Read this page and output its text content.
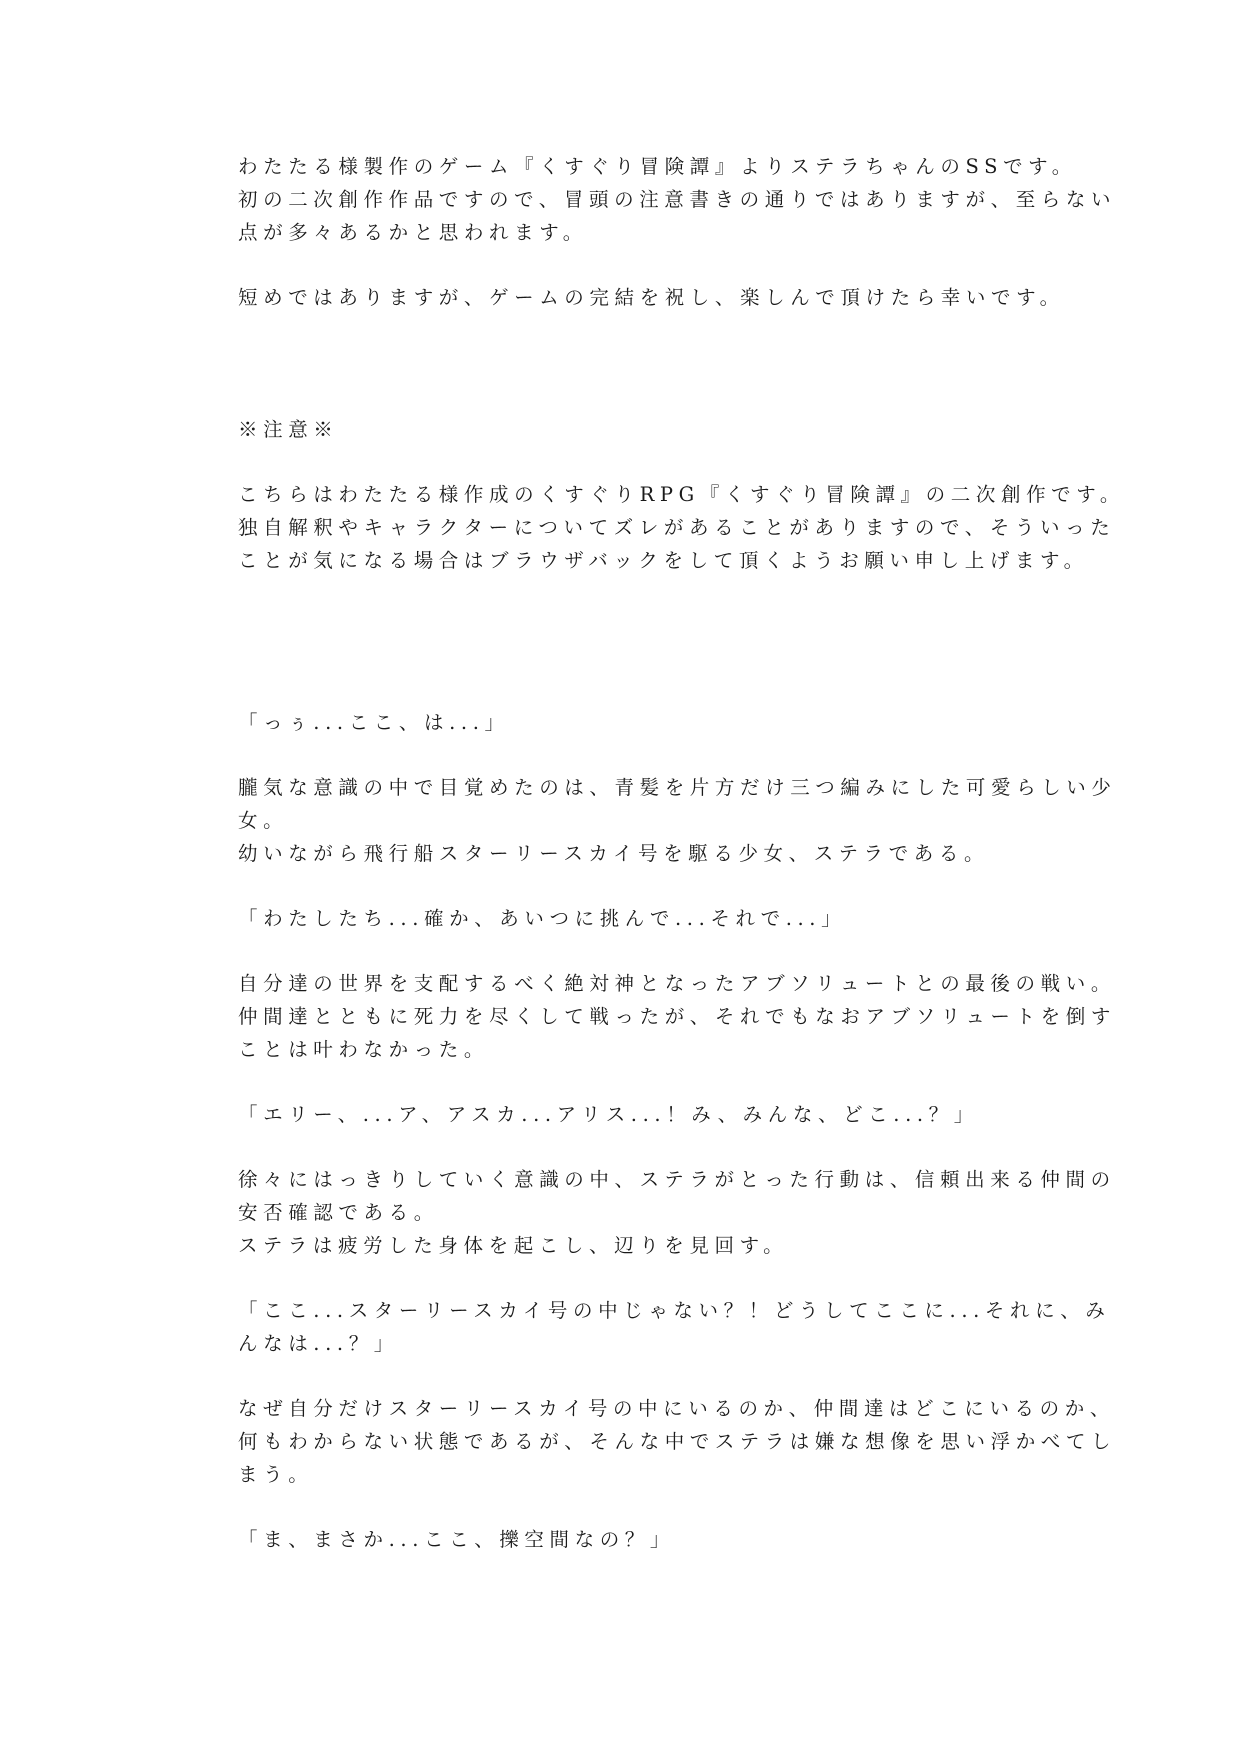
わたたる様製作のゲーム『くすぐり冒険譚』よりステラちゃんのSSです。
初の二次創作作品ですので、冒頭の注意書きの通りではありますが、至らない
点が多々あるかと思われます。
短めではありますが、ゲームの完結を祝し、楽しんで頂けたら幸いです。
※注意※
こちらはわたたる様作成のくすぐりRPG『くすぐり冒険譚』の二次創作です。
独自解釈やキャラクターについてズレがあることがありますので、そういった
ことが気になる場合はブラウザバックをして頂くようお願い申し上げます。
「っぅ...ここ、は...」
朧気な意識の中で目覚めたのは、青髪を片方だけ三つ編みにした可愛らしい少
女。
幼いながら飛行船スターリースカイ号を駆る少女、ステラである。
「わたしたち...確か、あいつに挑んで...それで...」
自分達の世界を支配するべく絶対神となったアブソリュートとの最後の戦い。
仲間達とともに死力を尽くして戦ったが、それでもなおアブソリュートを倒す
ことは叶わなかった。
「エリー、...ア、アスカ...アリス...！み、みんな、どこ...？」
徐々にはっきりしていく意識の中、ステラがとった行動は、信頼出来る仲間の
安否確認である。
ステラは疲労した身体を起こし、辺りを見回す。
「ここ...スターリースカイ号の中じゃない？！どうしてここに...それに、み
んなは...？」
なぜ自分だけスターリースカイ号の中にいるのか、仲間達はどこにいるのか、
何もわからない状態であるが、そんな中でステラは嫌な想像を思い浮かべてし
まう。
「ま、まさか...ここ、擽空間なの？」
